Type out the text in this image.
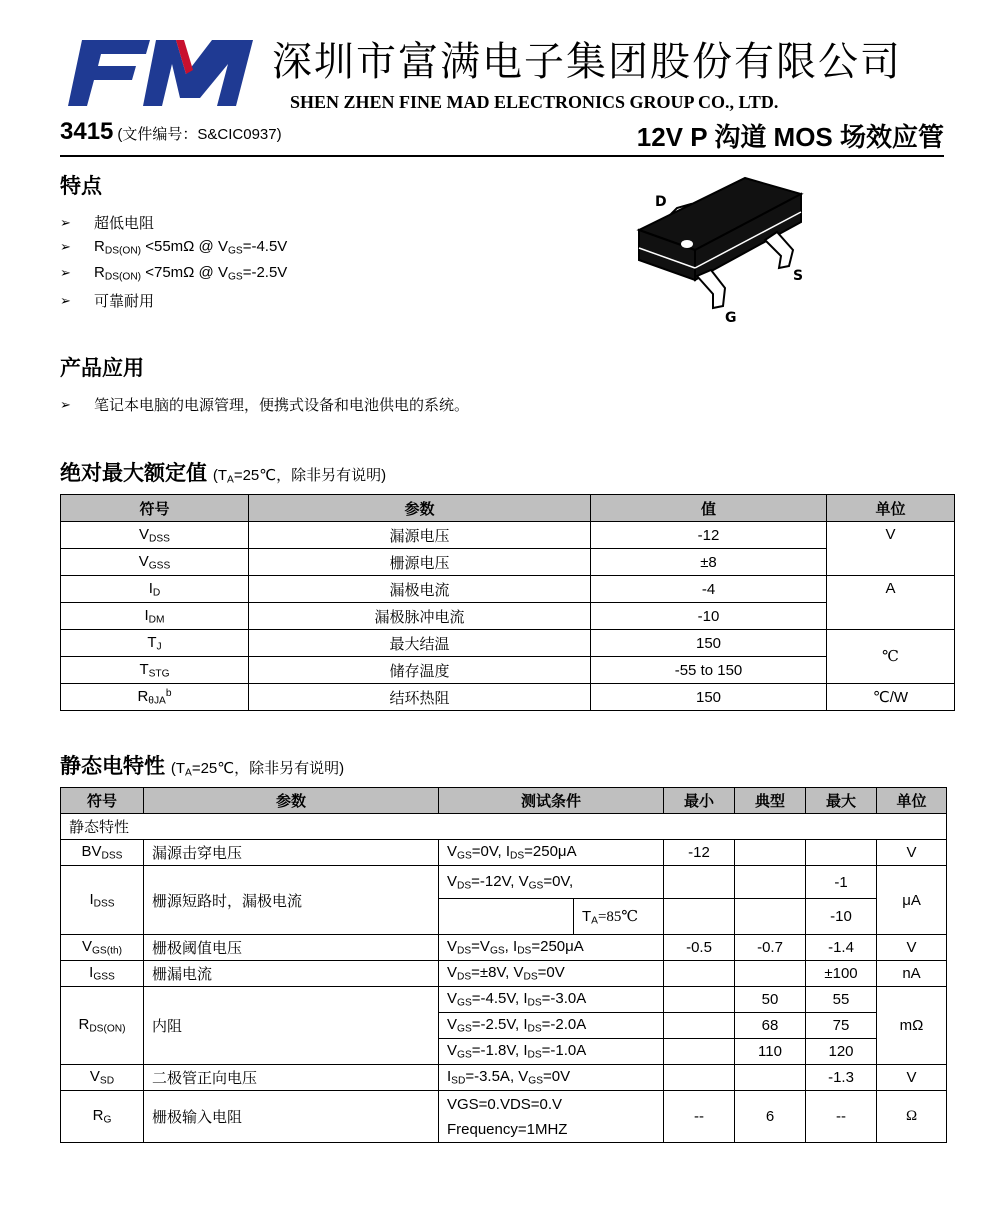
深圳市富满电子集团股份有限公司
SHEN ZHEN FINE MAD ELECTRONICS GROUP CO., LTD.
3415 (文件编号：S&CIC0937)	12V P 沟道 MOS 场效应管
特点
➢	超低电阻
➢	$R_{DS(ON)} <55m\Omega$ @ $V_{GS}=-4.5V$
➢	$R_{DS(ON)} <75m\Omega$ @ $V_{GS}=-2.5V$
➢	可靠耐用
D
S
G
产品应用
➢	笔记本电脑的电源管理，便携式设备和电池供电的系统。
绝对最大额定值 ($T_A=25℃$，除非另有说明)
符号	参数	值	单位
$V_{DSS}$	漏源电压	-12	V
$V_{GSS}$	栅源电压	±8	
$I_D$	漏极电流	-4	A
$I_{DM}$	漏极脉冲电流	-10	
$T_J$	最大结温	150	℃
$T_{STG}$	储存温度	-55 to 150	
$R_{\theta JA}^b$	结环热阻	150	℃/W
静态电特性 ($T_A=25℃$，除非另有说明)
符号	参数	测试条件		最小	典型	最大	单位
静态特性							
$BV_{DSS}$	漏源击穿电压	$V_{GS}=0V$, $I_{DS}=250\mu A$		-12			V
$I_{DSS}$	栅源短路时，漏极电流	$V_{DS}=-12V$, $V_{GS}=0V$,				-1	μA
			$T_A=85℃$			-10	
$V_{GS(th)}$	栅极阈值电压	$V_{DS}=V_{GS}$, $I_{DS}=250\mu A$		-0.5	-0.7	-1.4	V
$I_{GSS}$	栅漏电流	$V_{DS}=\pm 8V$, $V_{DS}=0V$				±100	nA
$R_{DS(ON)}$	内阻	$V_{GS}=-4.5V$, $I_{DS}=-3.0A$			50	55	mΩ
		$V_{GS}=-2.5V$, $I_{DS}=-2.0A$			68	75	
		$V_{GS}=-1.8V$, $I_{DS}=-1.0A$			110	120	
$V_{SD}$	二极管正向电压	$I_{SD}=-3.5A$, $V_{GS}=0V$				-1.3	V
$R_G$	栅极输入电阻	VGS=0.VDS=0.V
Frequency=1MHZ		--	6	--	Ω
